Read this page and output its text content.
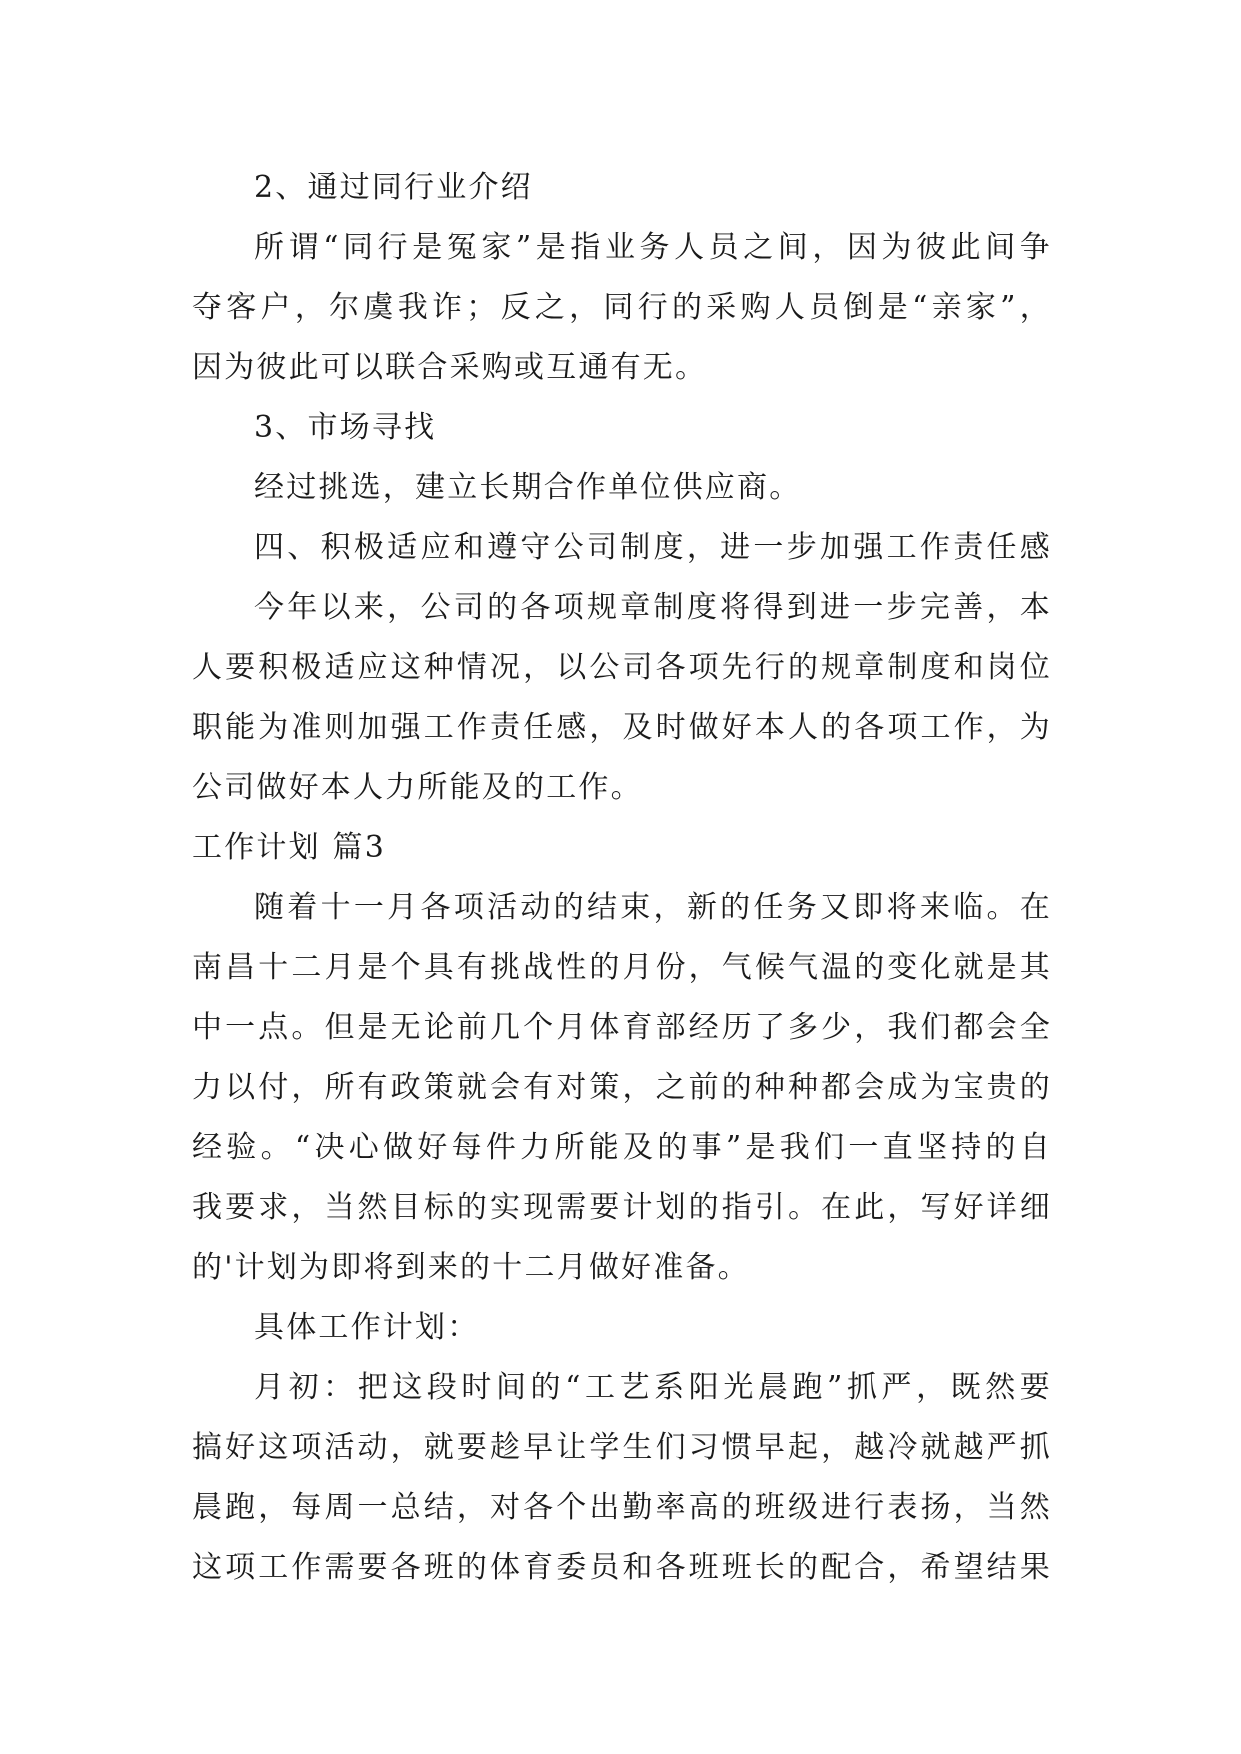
2、通过同行业介绍
所谓“同行是冤家”是指业务人员之间，因为彼此间争
夺客户，尔虞我诈；反之，同行的采购人员倒是“亲家”，
因为彼此可以联合采购或互通有无。
3、市场寻找
经过挑选，建立长期合作单位供应商。
四、积极适应和遵守公司制度，进一步加强工作责任感
今年以来，公司的各项规章制度将得到进一步完善，本
人要积极适应这种情况，以公司各项先行的规章制度和岗位
职能为准则加强工作责任感，及时做好本人的各项工作，为
公司做好本人力所能及的工作。
工作计划 篇3
随着十一月各项活动的结束，新的任务又即将来临。在
南昌十二月是个具有挑战性的月份，气候气温的变化就是其
中一点。但是无论前几个月体育部经历了多少，我们都会全
力以付，所有政策就会有对策，之前的种种都会成为宝贵的
经验。“决心做好每件力所能及的事”是我们一直坚持的自
我要求，当然目标的实现需要计划的指引。在此，写好详细
的'计划为即将到来的十二月做好准备。
具体工作计划：
月初：把这段时间的“工艺系阳光晨跑”抓严，既然要
搞好这项活动，就要趁早让学生们习惯早起，越冷就越严抓
晨跑，每周一总结，对各个出勤率高的班级进行表扬，当然
这项工作需要各班的体育委员和各班班长的配合，希望结果
